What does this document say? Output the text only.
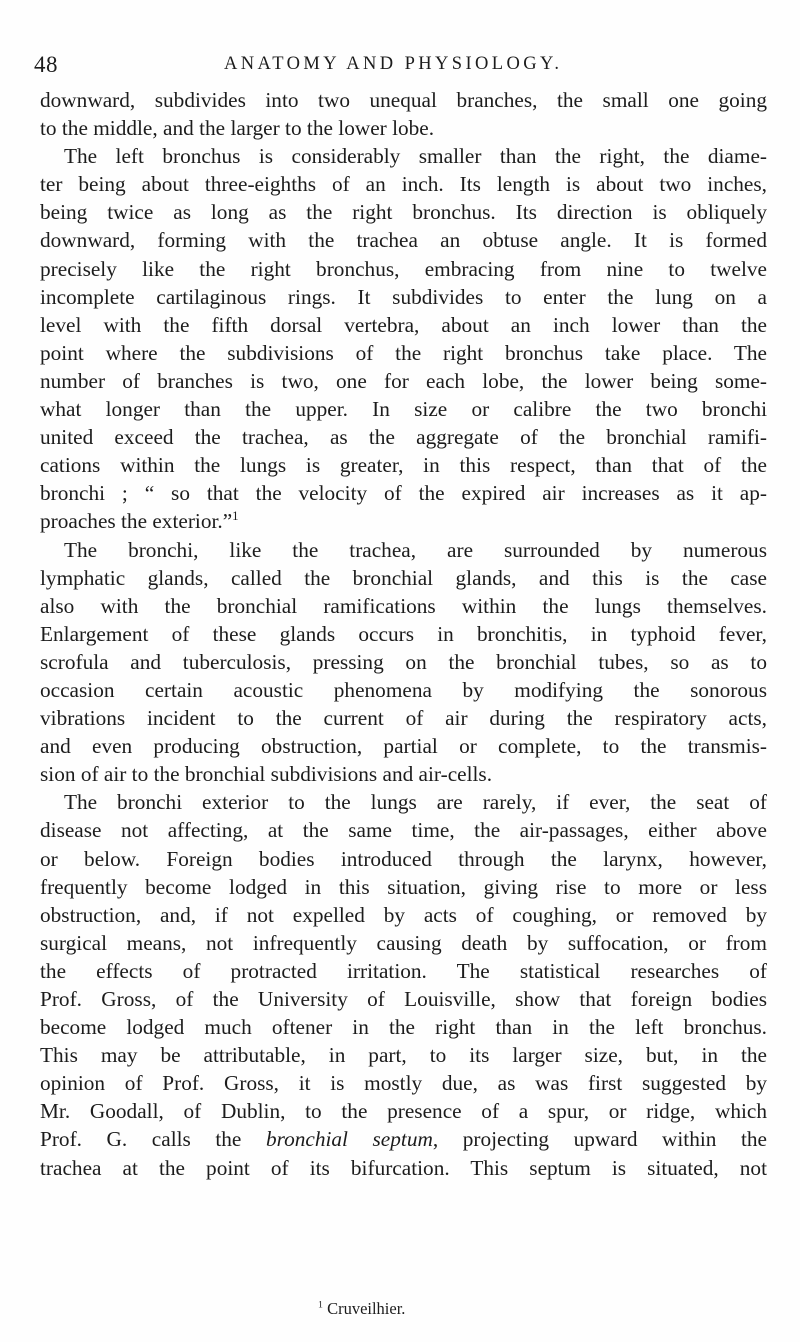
48	ANATOMY AND PHYSIOLOGY.
downward, subdivides into two unequal branches, the small one going
to the middle, and the larger to the lower lobe.
The left bronchus is considerably smaller than the right, the diame-
ter being about three-eighths of an inch. Its length is about two inches,
being twice as long as the right bronchus. Its direction is obliquely
downward, forming with the trachea an obtuse angle. It is formed
precisely like the right bronchus, embracing from nine to twelve
incomplete cartilaginous rings. It subdivides to enter the lung on a
level with the fifth dorsal vertebra, about an inch lower than the
point where the subdivisions of the right bronchus take place. The
number of branches is two, one for each lobe, the lower being some-
what longer than the upper. In size or calibre the two bronchi
united exceed the trachea, as the aggregate of the bronchial ramifi-
cations within the lungs is greater, in this respect, than that of the
bronchi ; “ so that the velocity of the expired air increases as it ap-
proaches the exterior.”$^1$
The bronchi, like the trachea, are surrounded by numerous
lymphatic glands, called the bronchial glands, and this is the case
also with the bronchial ramifications within the lungs themselves.
Enlargement of these glands occurs in bronchitis, in typhoid fever,
scrofula and tuberculosis, pressing on the bronchial tubes, so as to
occasion certain acoustic phenomena by modifying the sonorous
vibrations incident to the current of air during the respiratory acts,
and even producing obstruction, partial or complete, to the transmis-
sion of air to the bronchial subdivisions and air-cells.
The bronchi exterior to the lungs are rarely, if ever, the seat of
disease not affecting, at the same time, the air-passages, either above
or below. Foreign bodies introduced through the larynx, however,
frequently become lodged in this situation, giving rise to more or less
obstruction, and, if not expelled by acts of coughing, or removed by
surgical means, not infrequently causing death by suffocation, or from
the effects of protracted irritation. The statistical researches of
Prof. Gross, of the University of Louisville, show that foreign bodies
become lodged much oftener in the right than in the left bronchus.
This may be attributable, in part, to its larger size, but, in the
opinion of Prof. Gross, it is mostly due, as was first suggested by
Mr. Goodall, of Dublin, to the presence of a spur, or ridge, which
Prof. G. calls the bronchial septum, projecting upward within the
trachea at the point of its bifurcation. This septum is situated, not
$^1$ Cruveilhier.
